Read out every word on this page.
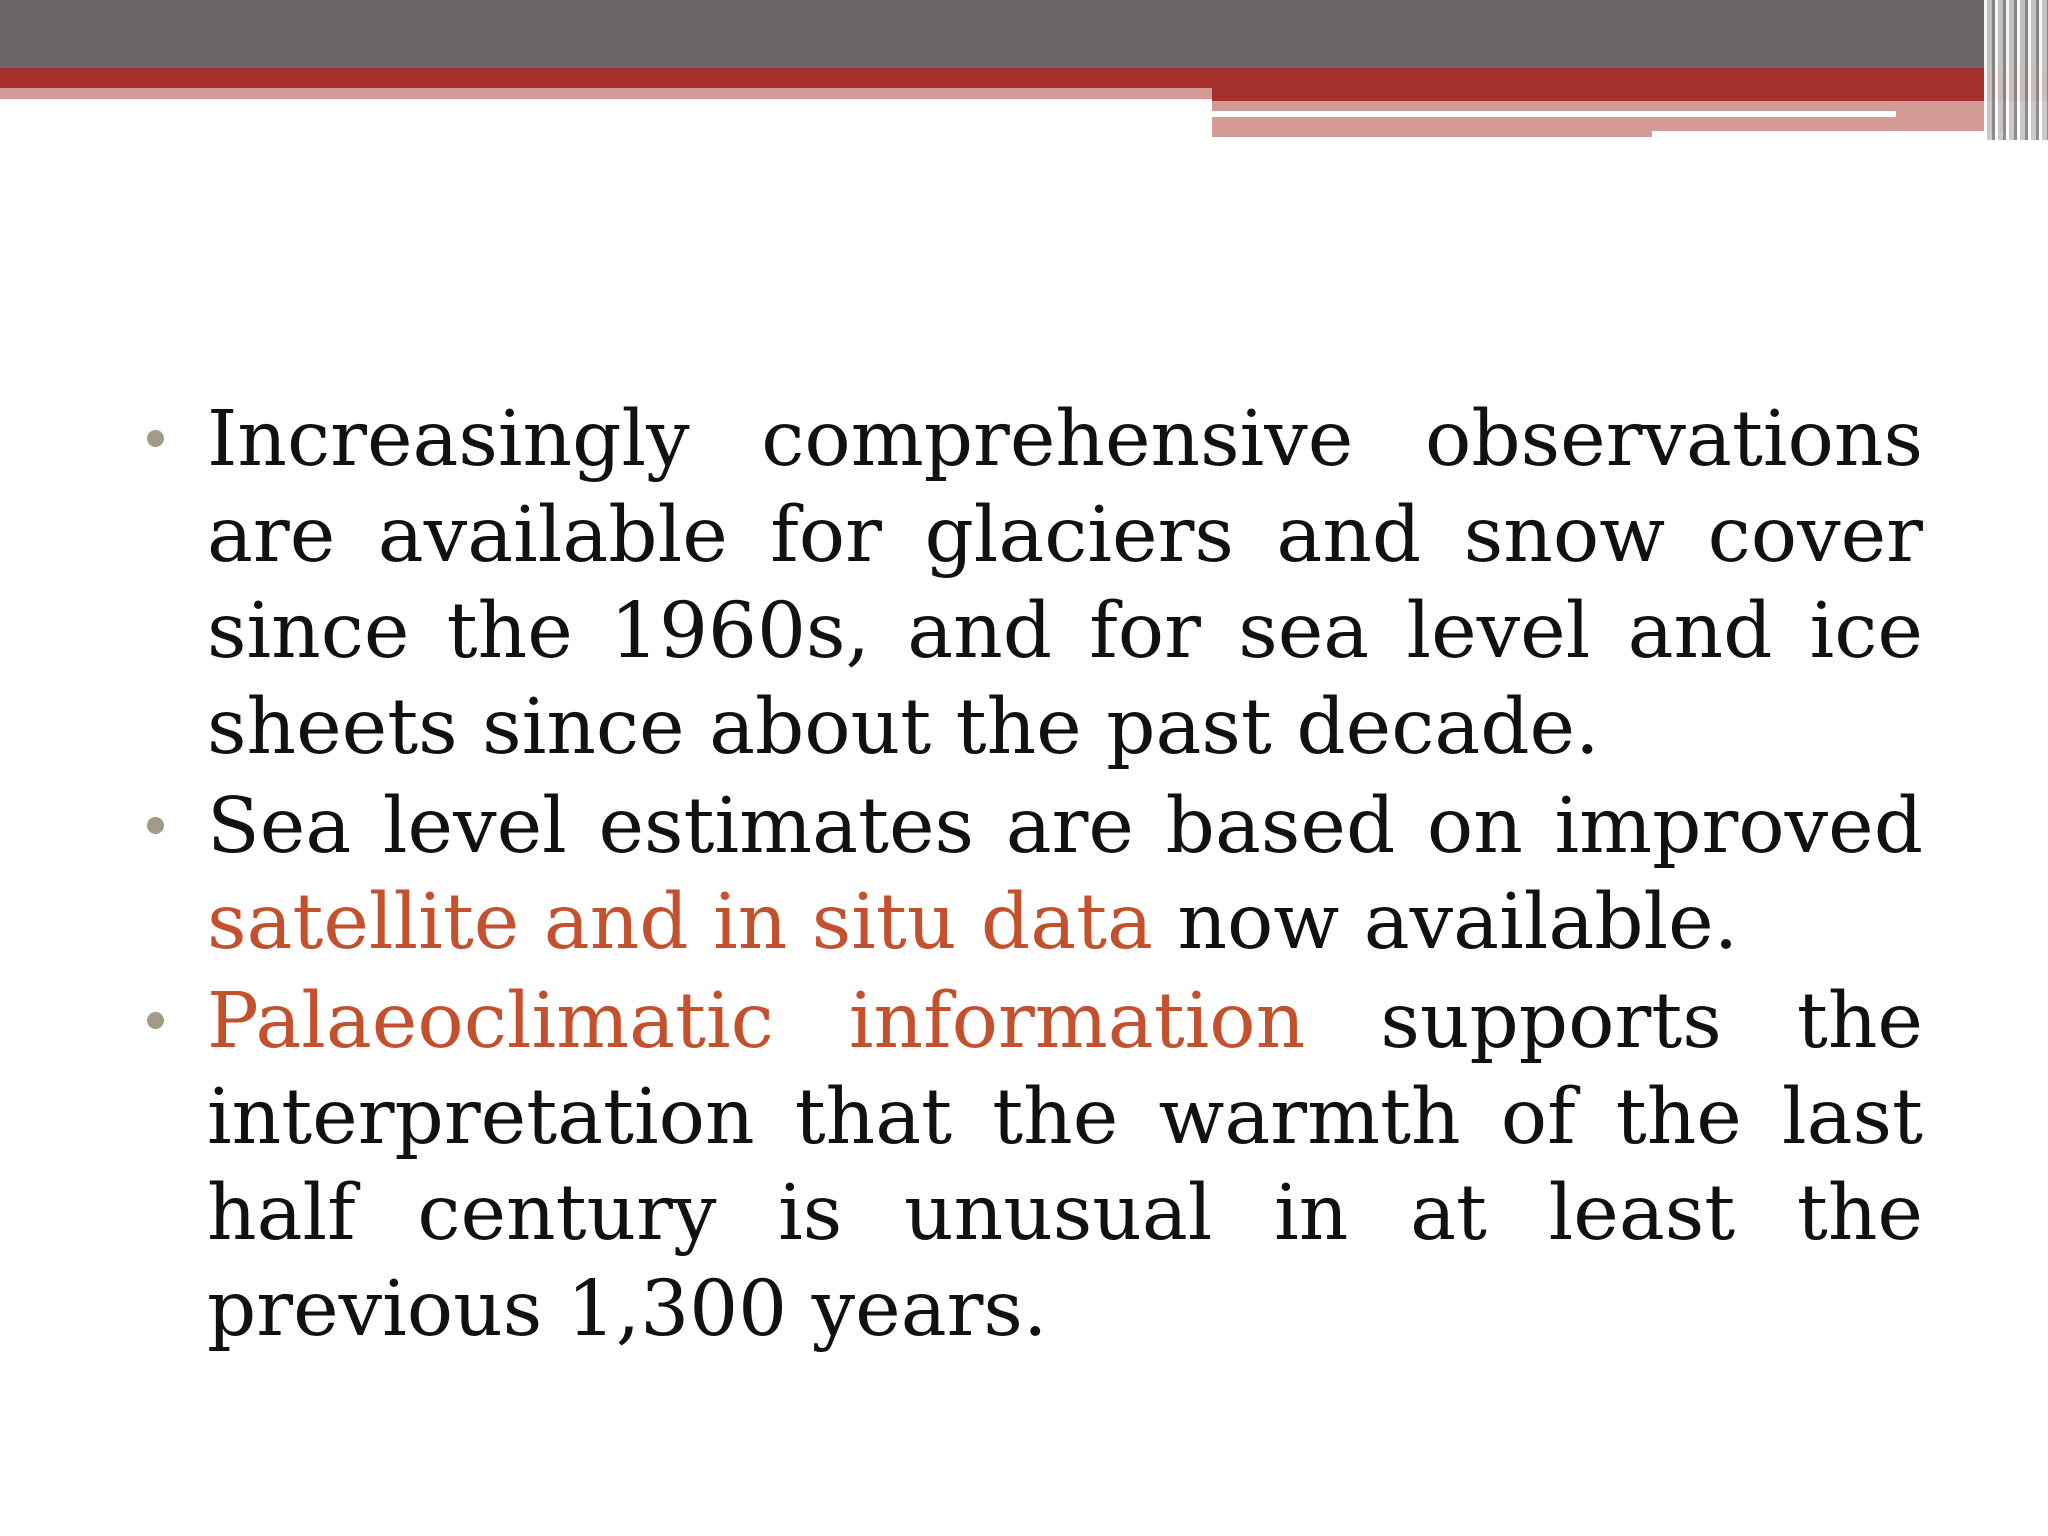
Increasingly comprehensive observations are available for glaciers and snow cover since the 1960s, and for sea level and ice sheets since about the past decade.
Sea level estimates are based on improved satellite and in situ data now available.
Palaeoclimatic information supports the interpretation that the warmth of the last half century is unusual in at least the previous 1,300 years.
